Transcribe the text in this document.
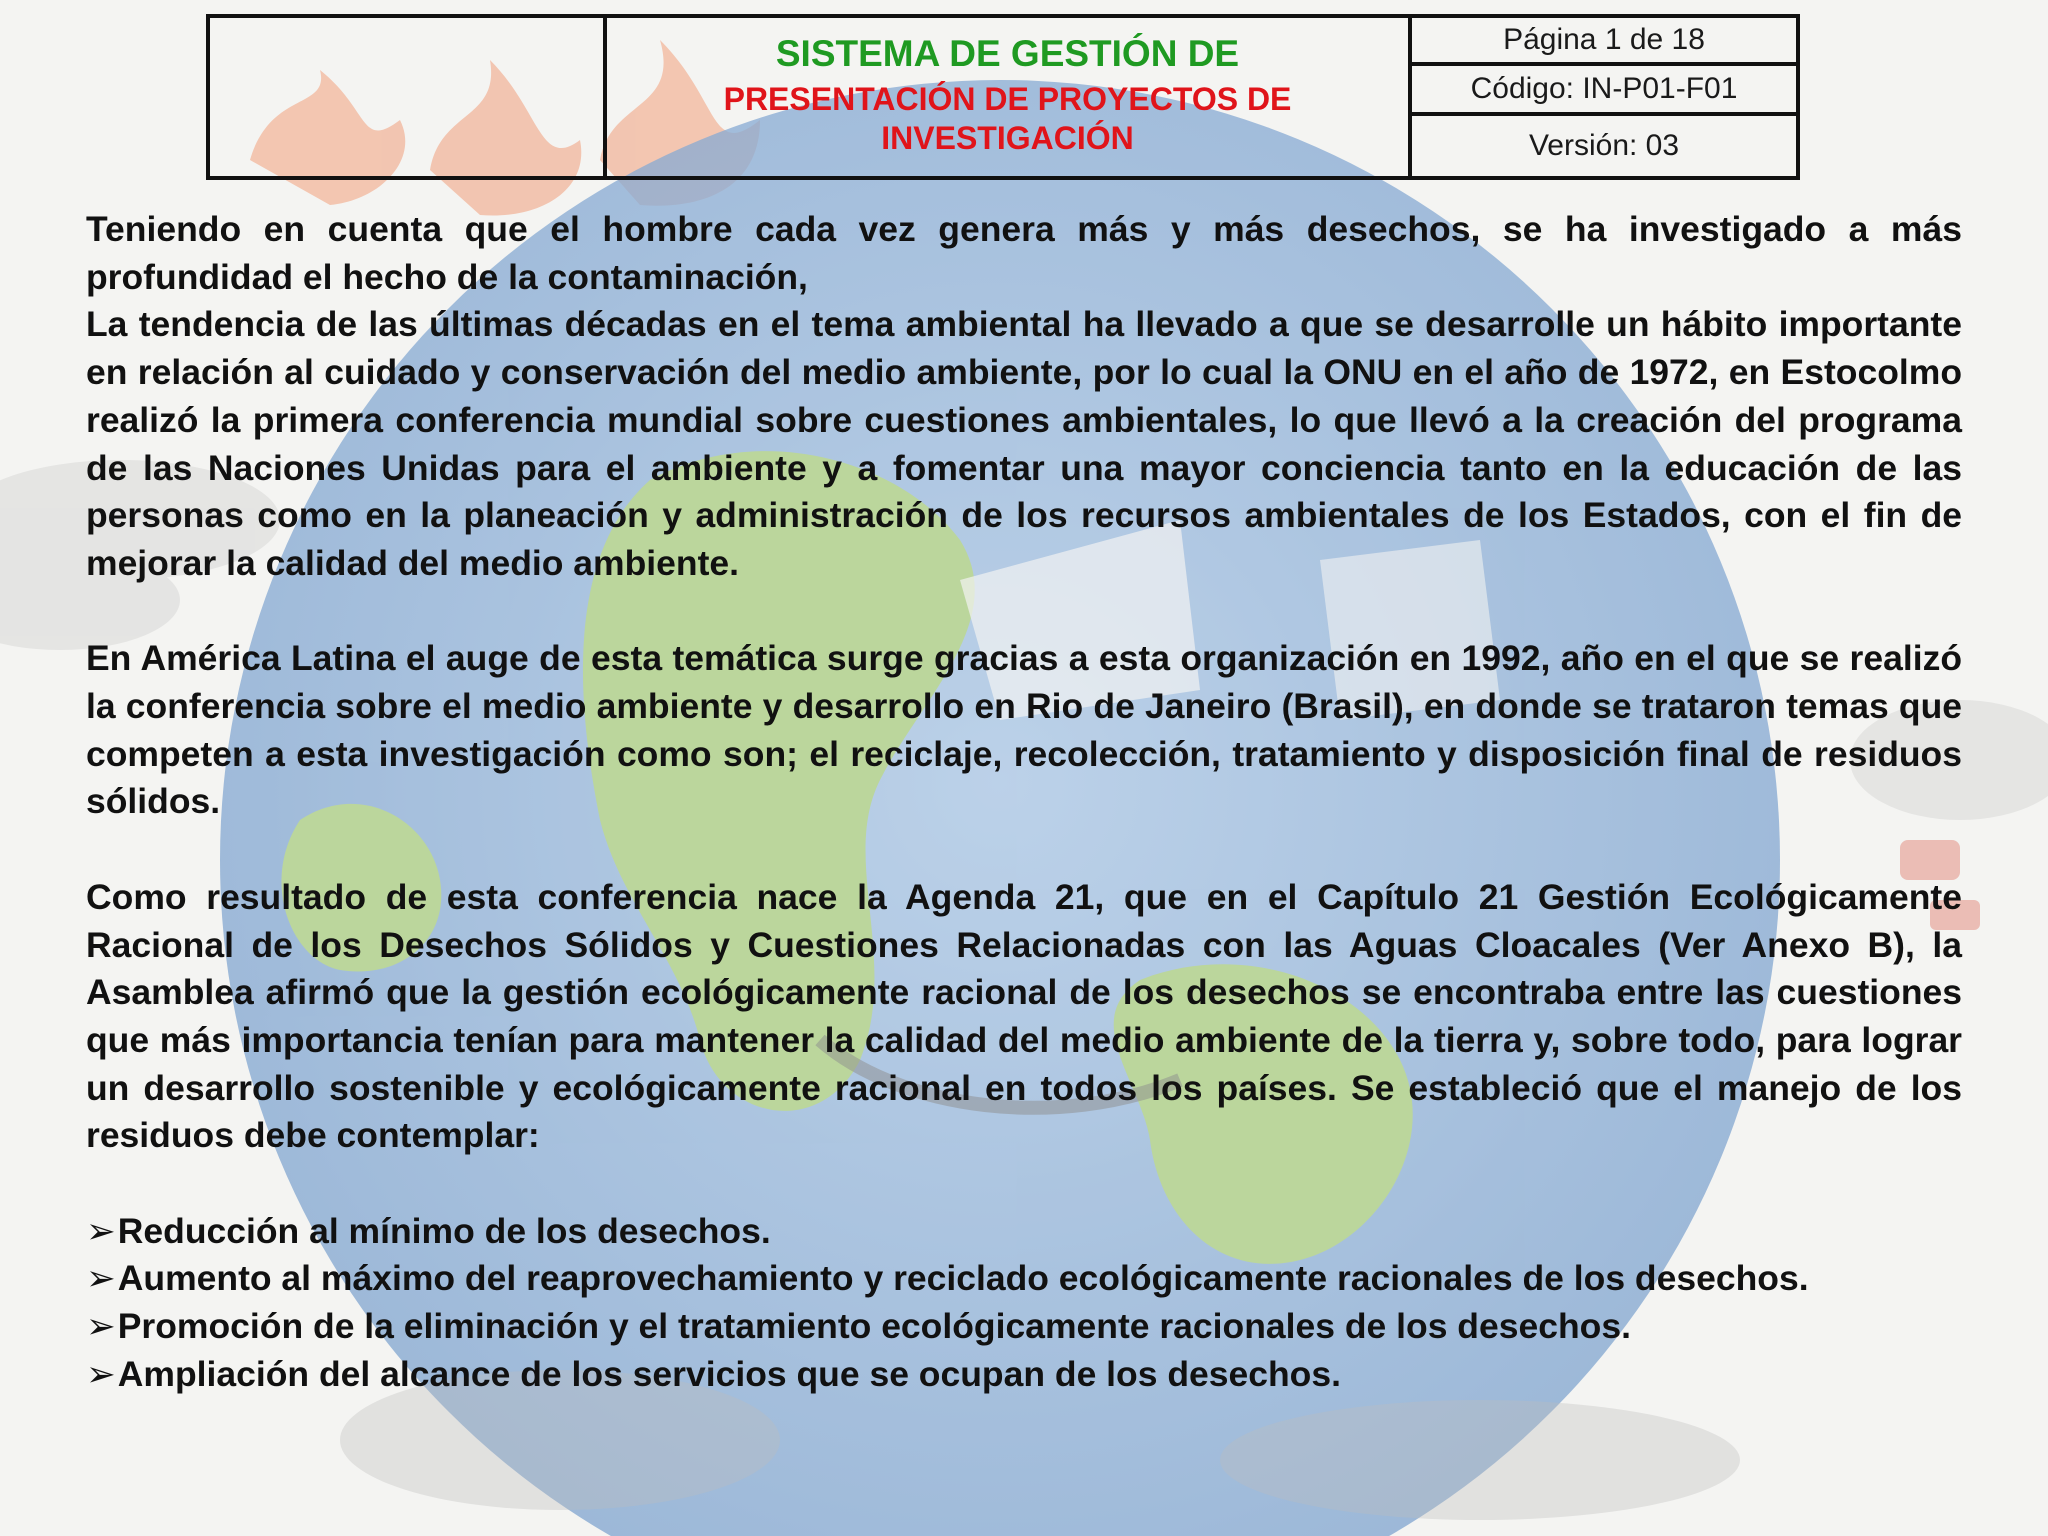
SISTEMA DE GESTIÓN DE
PRESENTACIÓN DE PROYECTOS DE
INVESTIGACIÓN
Página 1 de 18
Código: IN-P01-F01
Versión: 03

Teniendo en cuenta que el hombre cada vez genera más y más desechos, se ha investigado a más profundidad el hecho de la contaminación,

La tendencia de las últimas décadas en el tema ambiental ha llevado a que se desarrolle un hábito importante en relación al cuidado y conservación del medio ambiente, por lo cual la ONU en el año de 1972, en Estocolmo realizó la primera conferencia mundial sobre cuestiones ambientales, lo que llevó a la creación del programa de las Naciones Unidas para el ambiente y a fomentar una mayor conciencia tanto en la educación de las personas como en la planeación y administración de los recursos ambientales de los Estados, con el fin de mejorar la calidad del medio ambiente.

En América Latina el auge de esta temática surge gracias a esta organización en 1992, año en el que se realizó la conferencia sobre el medio ambiente y desarrollo en Rio de Janeiro (Brasil), en donde se trataron temas que competen a esta investigación como son; el reciclaje, recolección, tratamiento y disposición final de residuos sólidos.

Como resultado de esta conferencia nace la Agenda 21, que en el Capítulo 21 Gestión Ecológicamente Racional de los Desechos Sólidos y Cuestiones Relacionadas con las Aguas Cloacales (Ver Anexo B), la Asamblea afirmó que la gestión ecológicamente racional de los desechos se encontraba entre las cuestiones que más importancia tenían para mantener la calidad del medio ambiente de la tierra y, sobre todo, para lograr un desarrollo sostenible y ecológicamente racional en todos los países. Se estableció que el manejo de los residuos debe contemplar:

➢Reducción al mínimo de los desechos.

➢Aumento al máximo del reaprovechamiento y reciclado ecológicamente racionales de los desechos.

➢Promoción de la eliminación y el tratamiento ecológicamente racionales de los desechos.

➢Ampliación del alcance de los servicios que se ocupan de los desechos.
